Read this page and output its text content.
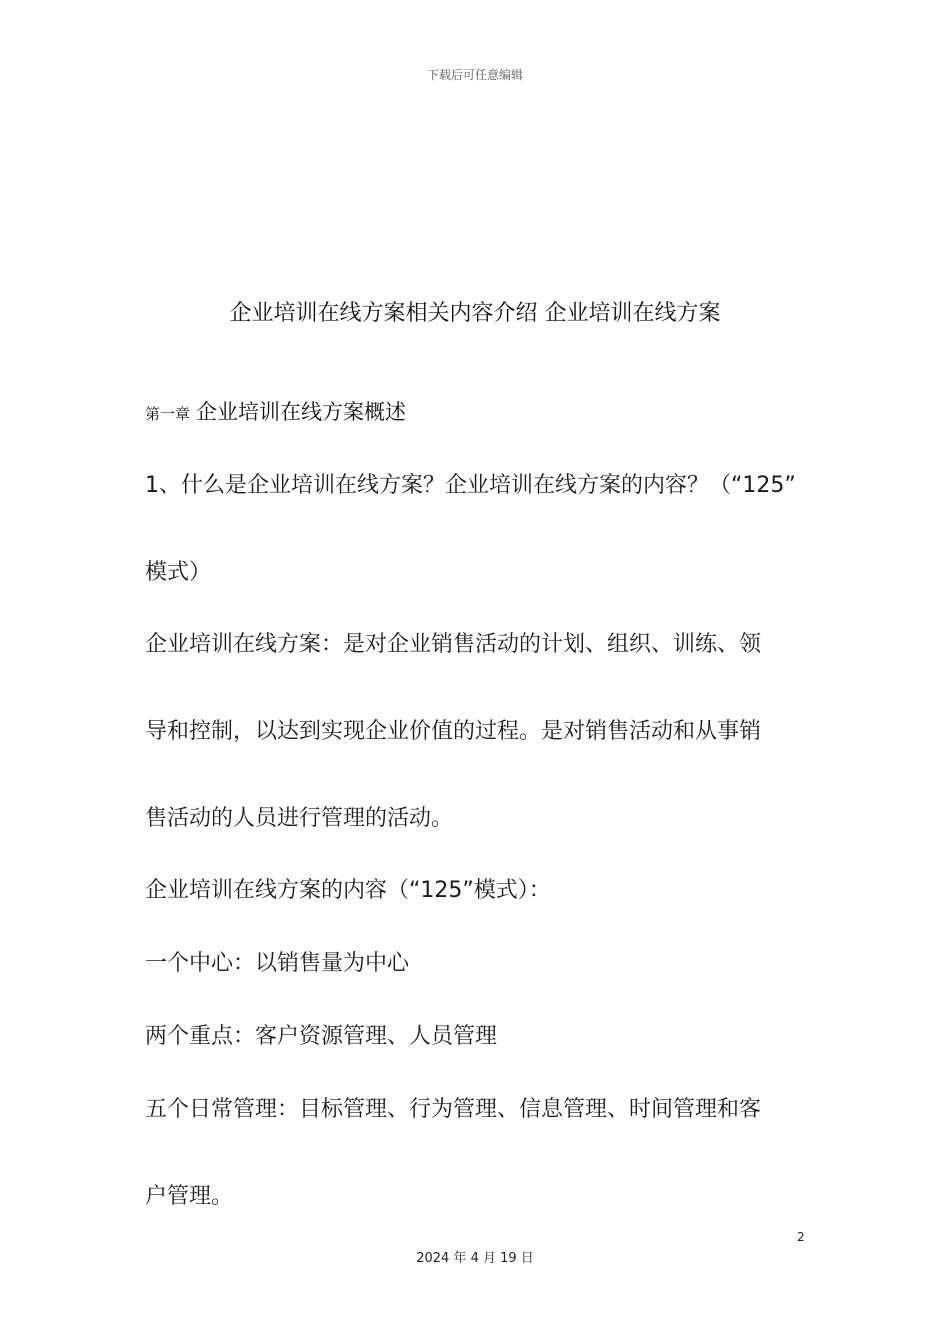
下载后可任意编辑
企业培训在线方案相关内容介绍 企业培训在线方案
第一章 企业培训在线方案概述
1、什么是企业培训在线方案？企业培训在线方案的内容？（“125”
模式）
企业培训在线方案：是对企业销售活动的计划、组织、训练、领
导和控制，以达到实现企业价值的过程。是对销售活动和从事销
售活动的人员进行管理的活动。
企业培训在线方案的内容（“125”模式）：
一个中心：以销售量为中心
两个重点：客户资源管理、人员管理
五个日常管理：目标管理、行为管理、信息管理、时间管理和客
户管理。
2
2024 年 4 月 19 日
